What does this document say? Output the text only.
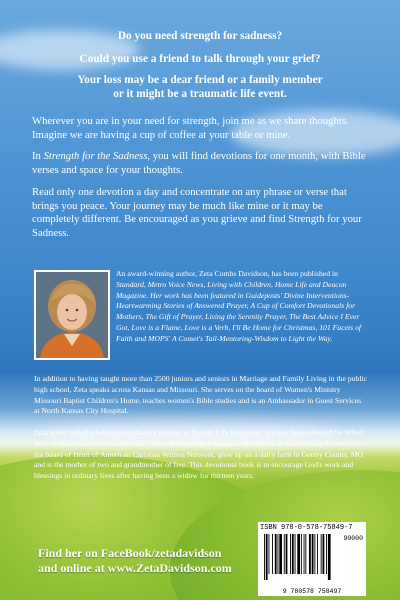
Do you need strength for sadness?
Could you use a friend to talk through your grief?
Your loss may be a dear friend or a family member
or it might be a traumatic life event.
Wherever you are in your need for strength, join me as we share thoughts. Imagine we are having a cup of coffee at your table or mine.
In Strength for the Sadness, you will find devotions for one month, with Bible verses and space for your thoughts.
Read only one devotion a day and concentrate on any phrase or verse that brings you peace. Your journey may be much like mine or it may be completely different. Be encouraged as you grieve and find Strength for your Sadness.
An award-winning author, Zeta Combs Davidson, has been published in Standard, Metro Voice News, Living with Children, Home Life and Deacon Magazine. Her work has been featured in Guideposts' Divine Interventions-Heartwarming Stories of Answered Prayer, A Cup of Comfort Devotionals for Mothers, The Gift of Prayer, Living the Serenity Prayer, The Best Advice I Ever Got, Love is a Flame, Love is a Verb, I'll Be Home for Christmas, 101 Facets of Faith and MOPS' A Comet's Tail-Mentoring-Wisdom to Light the Way.
In addition to having taught more than 2500 juniors and seniors in Marriage and Family Living in the public high school, Zeta speaks across Kansas and Missouri. She serves on the board of Women's Ministry Missouri Baptist Children's Home, teaches women's Bible studies and is an Ambassador in Guest Services at North Kansas City Hospital.
Zeta holds both Bachelor's and Master's degrees in Family Life Education. She has been selected for Who's Who of American Women and Who's Who of American Educators. She serves as Membership Director on the board of Heart of American Christian Writers Network, grew up on a dairy farm in Gentry County, MO and is the mother of two and grandmother of five. This devotional book is to encourage God's work and blessings in ordinary lives after having been a widow for thirteen years.
Find her on FaceBook/zetadavidson
and online at www.ZetaDavidson.com
ISBN 978-0-578-75849-7
90000
9 780578 758497
